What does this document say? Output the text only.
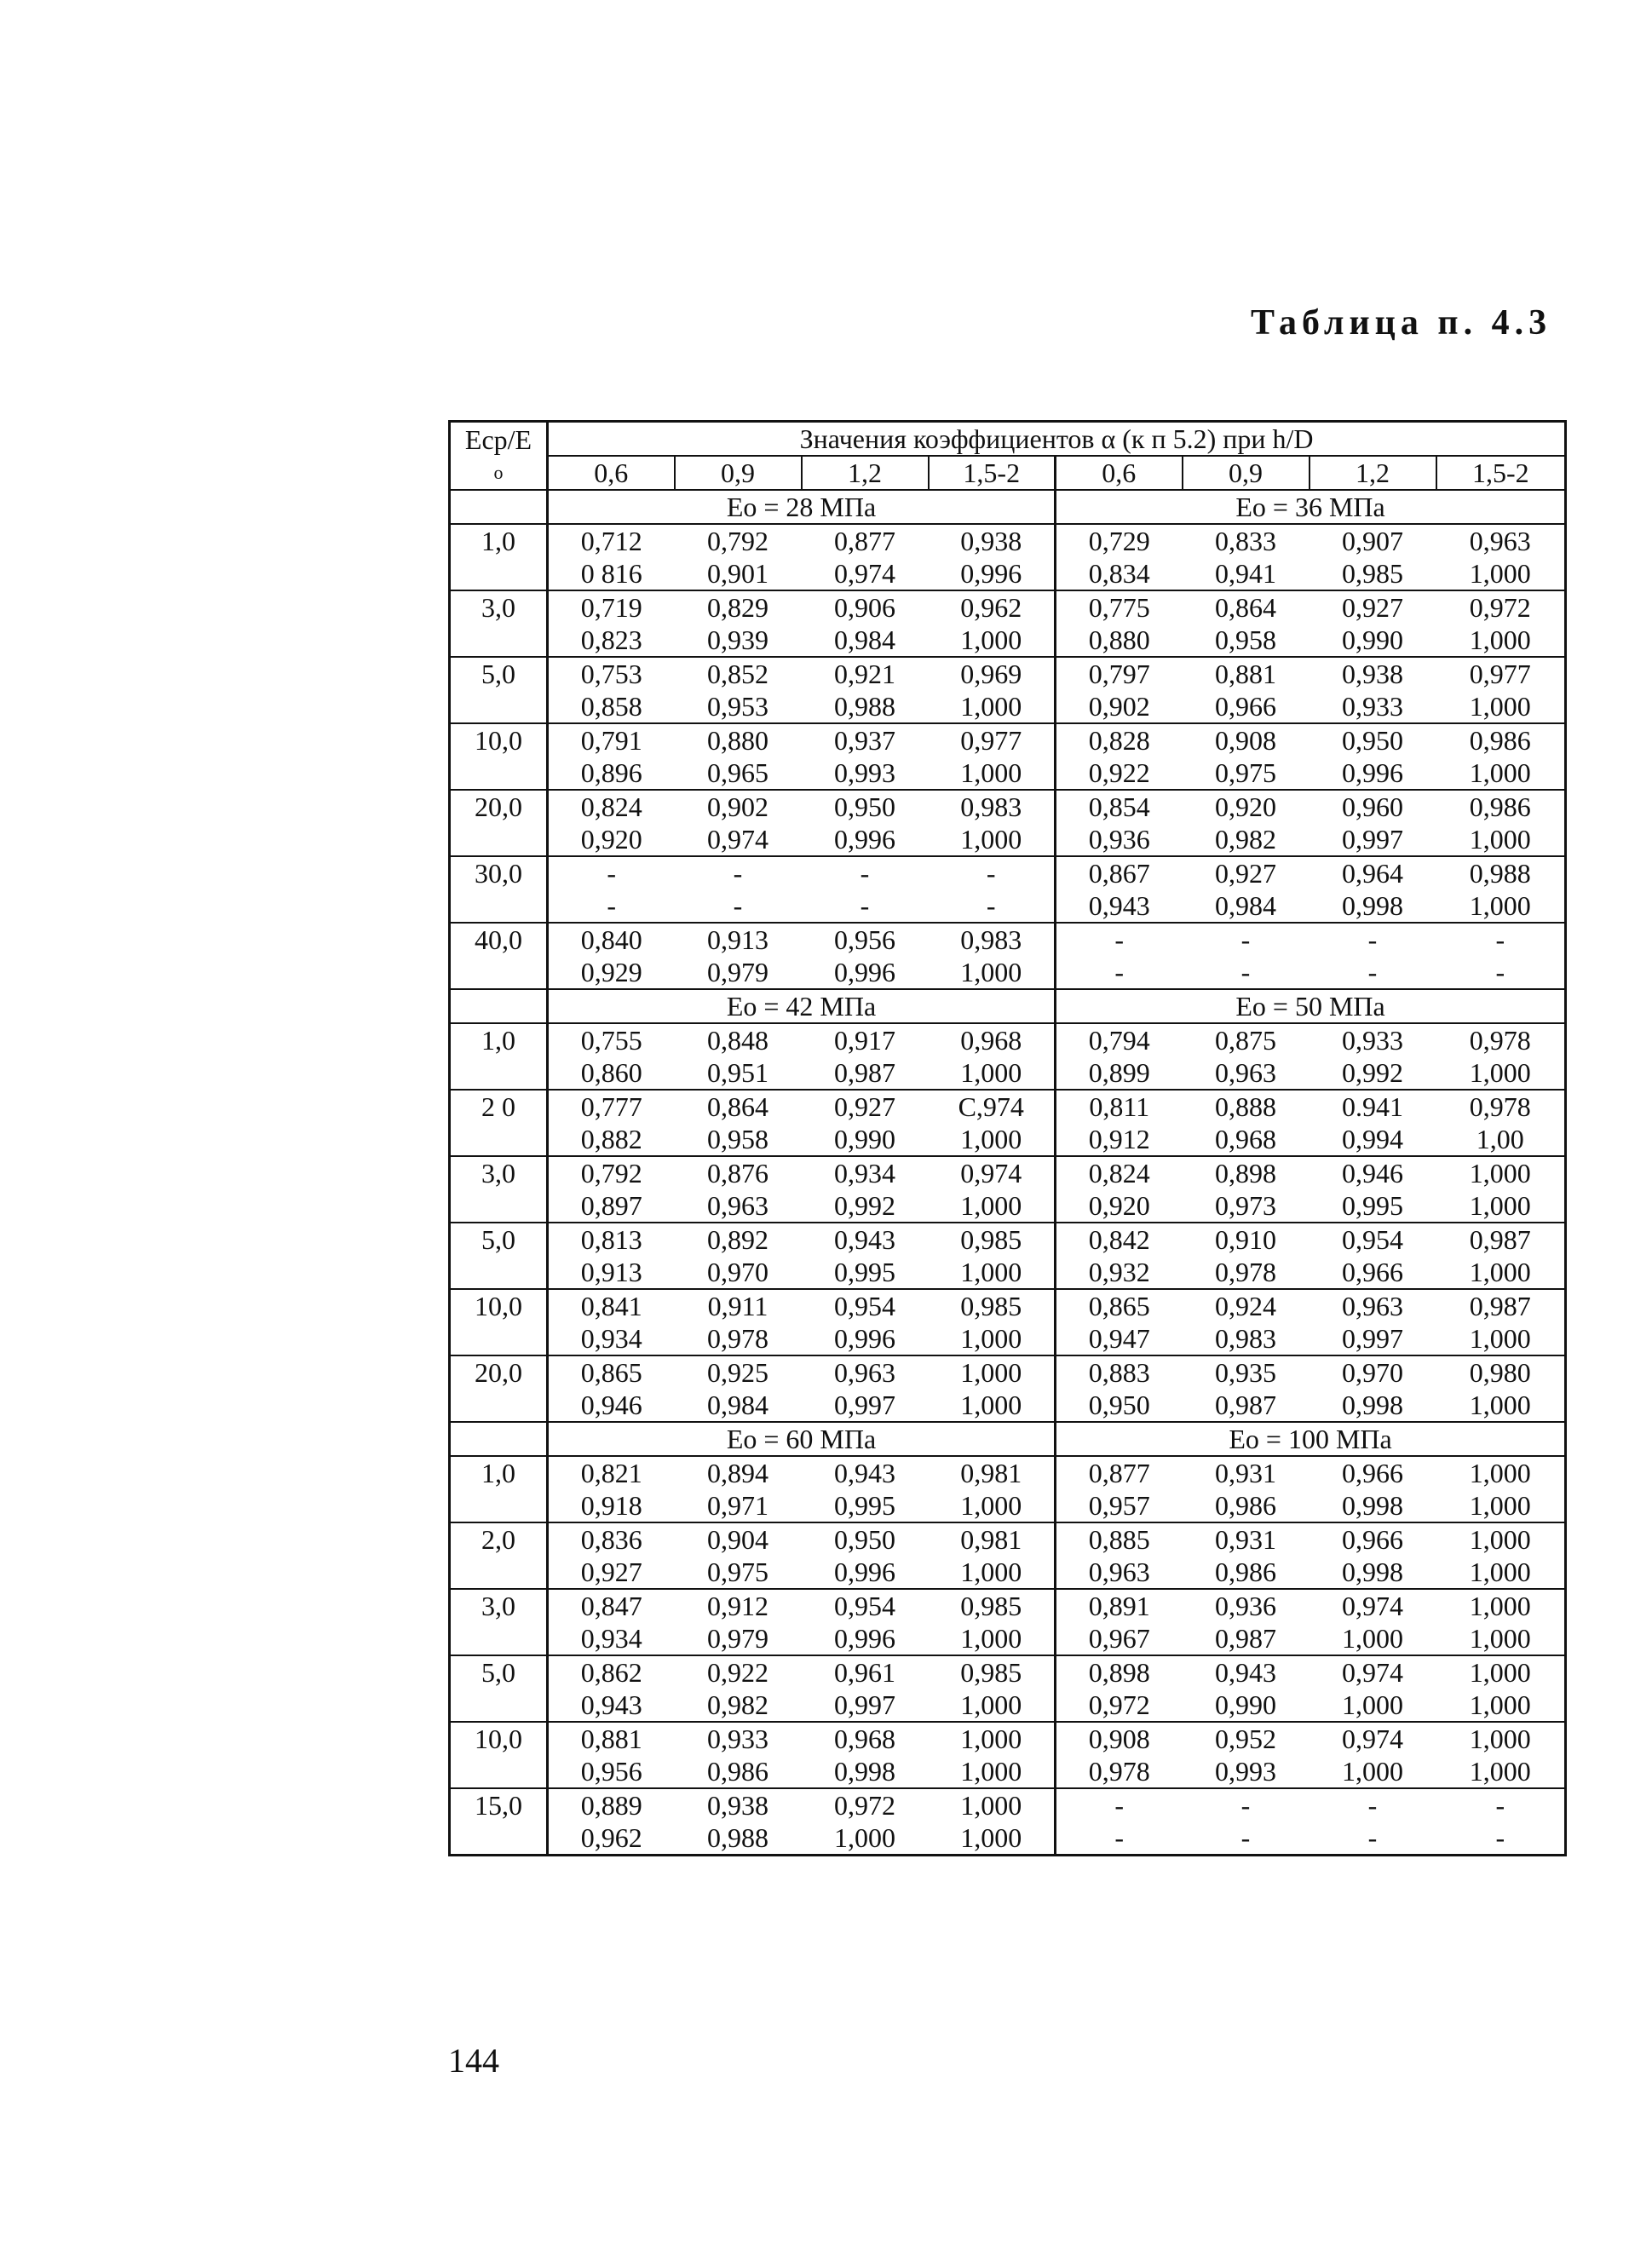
Таблица п. 4.3
Eср/E	Значения коэффициентов α (к п 5.2) при h/D							
о	0,6	0,9	1,2	1,5-2	0,6	0,9	1,2	1,5-2
	Eо = 28 МПа				Eо = 36 МПа			
1,0	0,712	0,792	0,877	0,938	0,729	0,833	0,907	0,963
	0 816	0,901	0,974	0,996	0,834	0,941	0,985	1,000
3,0	0,719	0,829	0,906	0,962	0,775	0,864	0,927	0,972
	0,823	0,939	0,984	1,000	0,880	0,958	0,990	1,000
5,0	0,753	0,852	0,921	0,969	0,797	0,881	0,938	0,977
	0,858	0,953	0,988	1,000	0,902	0,966	0,933	1,000
10,0	0,791	0,880	0,937	0,977	0,828	0,908	0,950	0,986
	0,896	0,965	0,993	1,000	0,922	0,975	0,996	1,000
20,0	0,824	0,902	0,950	0,983	0,854	0,920	0,960	0,986
	0,920	0,974	0,996	1,000	0,936	0,982	0,997	1,000
30,0	-	-	-	-	0,867	0,927	0,964	0,988
	-	-	-	-	0,943	0,984	0,998	1,000
40,0	0,840	0,913	0,956	0,983	-	-	-	-
	0,929	0,979	0,996	1,000	-	-	-	-
	Eо = 42 МПа				Eо = 50 МПа			
1,0	0,755	0,848	0,917	0,968	0,794	0,875	0,933	0,978
	0,860	0,951	0,987	1,000	0,899	0,963	0,992	1,000
2 0	0,777	0,864	0,927	С,974	0,811	0,888	0.941	0,978
	0,882	0,958	0,990	1,000	0,912	0,968	0,994	1,00
3,0	0,792	0,876	0,934	0,974	0,824	0,898	0,946	1,000
	0,897	0,963	0,992	1,000	0,920	0,973	0,995	1,000
5,0	0,813	0,892	0,943	0,985	0,842	0,910	0,954	0,987
	0,913	0,970	0,995	1,000	0,932	0,978	0,966	1,000
10,0	0,841	0,911	0,954	0,985	0,865	0,924	0,963	0,987
	0,934	0,978	0,996	1,000	0,947	0,983	0,997	1,000
20,0	0,865	0,925	0,963	1,000	0,883	0,935	0,970	0,980
	0,946	0,984	0,997	1,000	0,950	0,987	0,998	1,000
	Eо = 60 МПа				Eо = 100 МПа			
1,0	0,821	0,894	0,943	0,981	0,877	0,931	0,966	1,000
	0,918	0,971	0,995	1,000	0,957	0,986	0,998	1,000
2,0	0,836	0,904	0,950	0,981	0,885	0,931	0,966	1,000
	0,927	0,975	0,996	1,000	0,963	0,986	0,998	1,000
3,0	0,847	0,912	0,954	0,985	0,891	0,936	0,974	1,000
	0,934	0,979	0,996	1,000	0,967	0,987	1,000	1,000
5,0	0,862	0,922	0,961	0,985	0,898	0,943	0,974	1,000
	0,943	0,982	0,997	1,000	0,972	0,990	1,000	1,000
10,0	0,881	0,933	0,968	1,000	0,908	0,952	0,974	1,000
	0,956	0,986	0,998	1,000	0,978	0,993	1,000	1,000
15,0	0,889	0,938	0,972	1,000	-	-	-	-
	0,962	0,988	1,000	1,000	-	-	-	-
144
